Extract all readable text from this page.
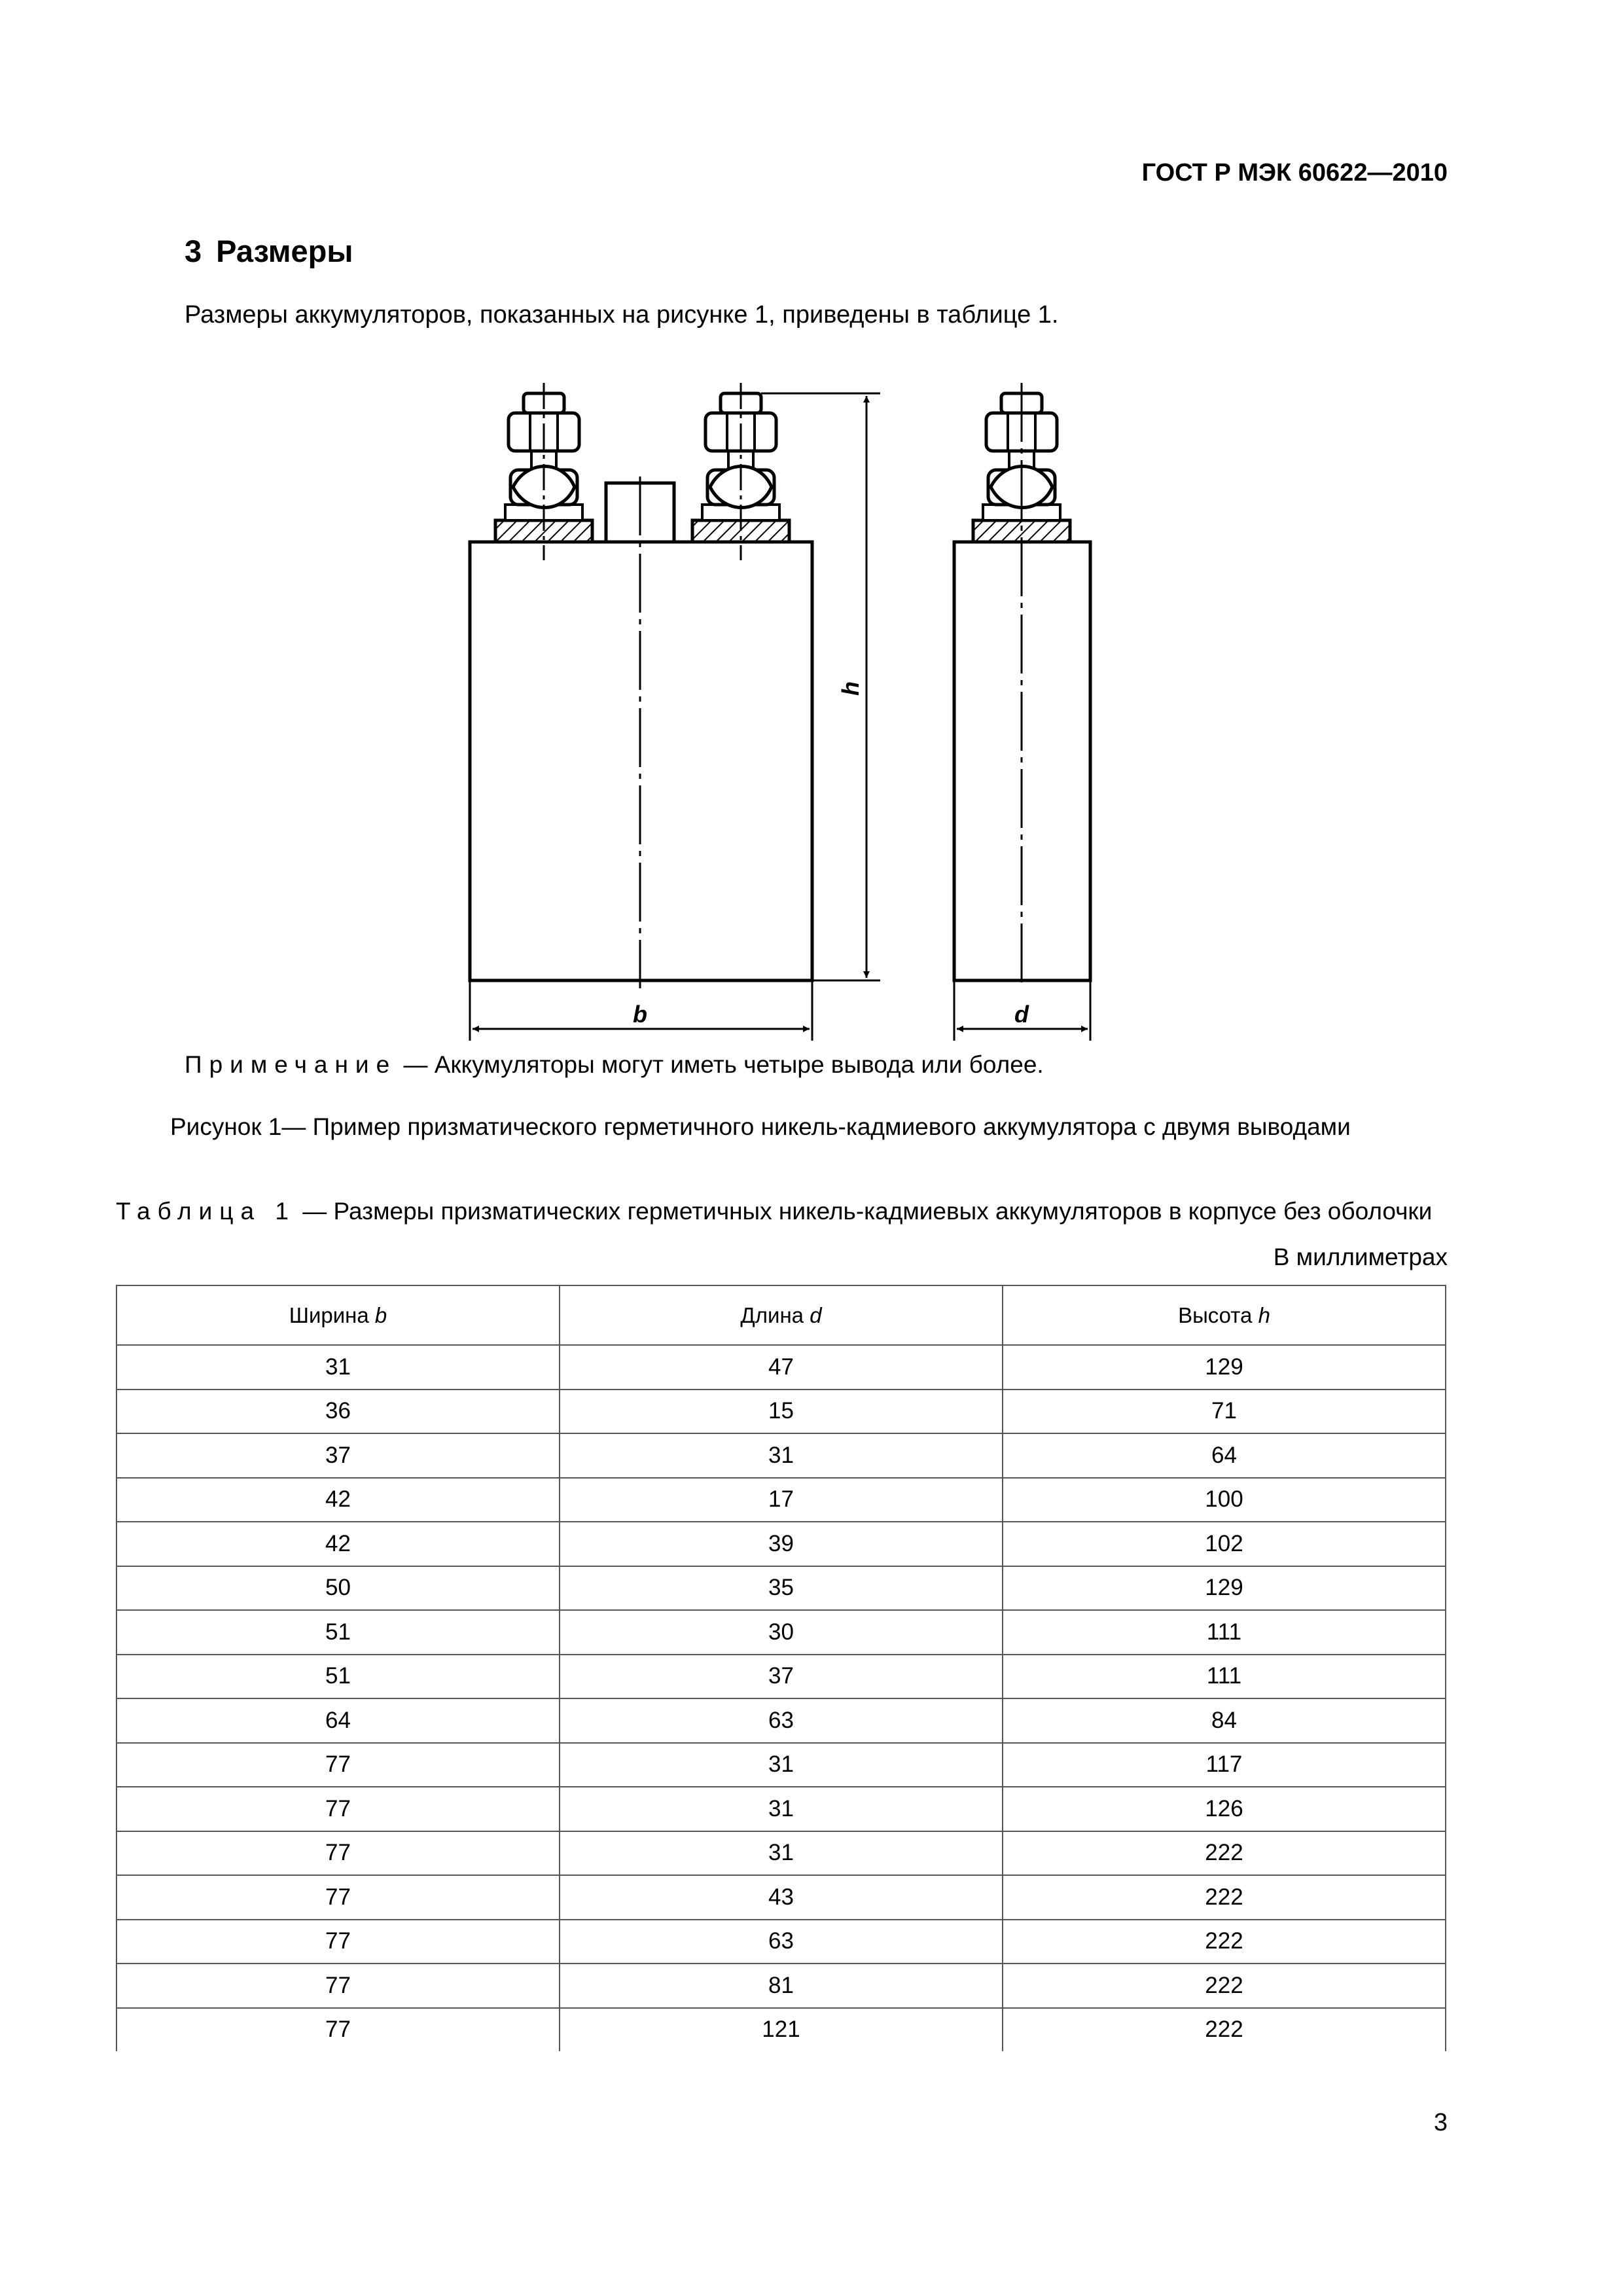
ГОСТ Р МЭК 60622—2010
3 Размеры
Размеры аккумуляторов, показанных на рисунке 1, приведены в таблице 1.
b	d
h
Примечание — Аккумуляторы могут иметь четыре вывода или более.
Рисунок 1— Пример призматического герметичного никель-кадмиевого аккумулятора с двумя выводами
Таблица 1 — Размеры призматических герметичных никель-кадмиевых аккумуляторов в корпусе без оболочки
В миллиметрах
Ширина b	Длина d	Высота h
31	47	129
36	15	71
37	31	64
42	17	100
42	39	102
50	35	129
51	30	111
51	37	111
64	63	84
77	31	117
77	31	126
77	31	222
77	43	222
77	63	222
77	81	222
77	121	222
3
